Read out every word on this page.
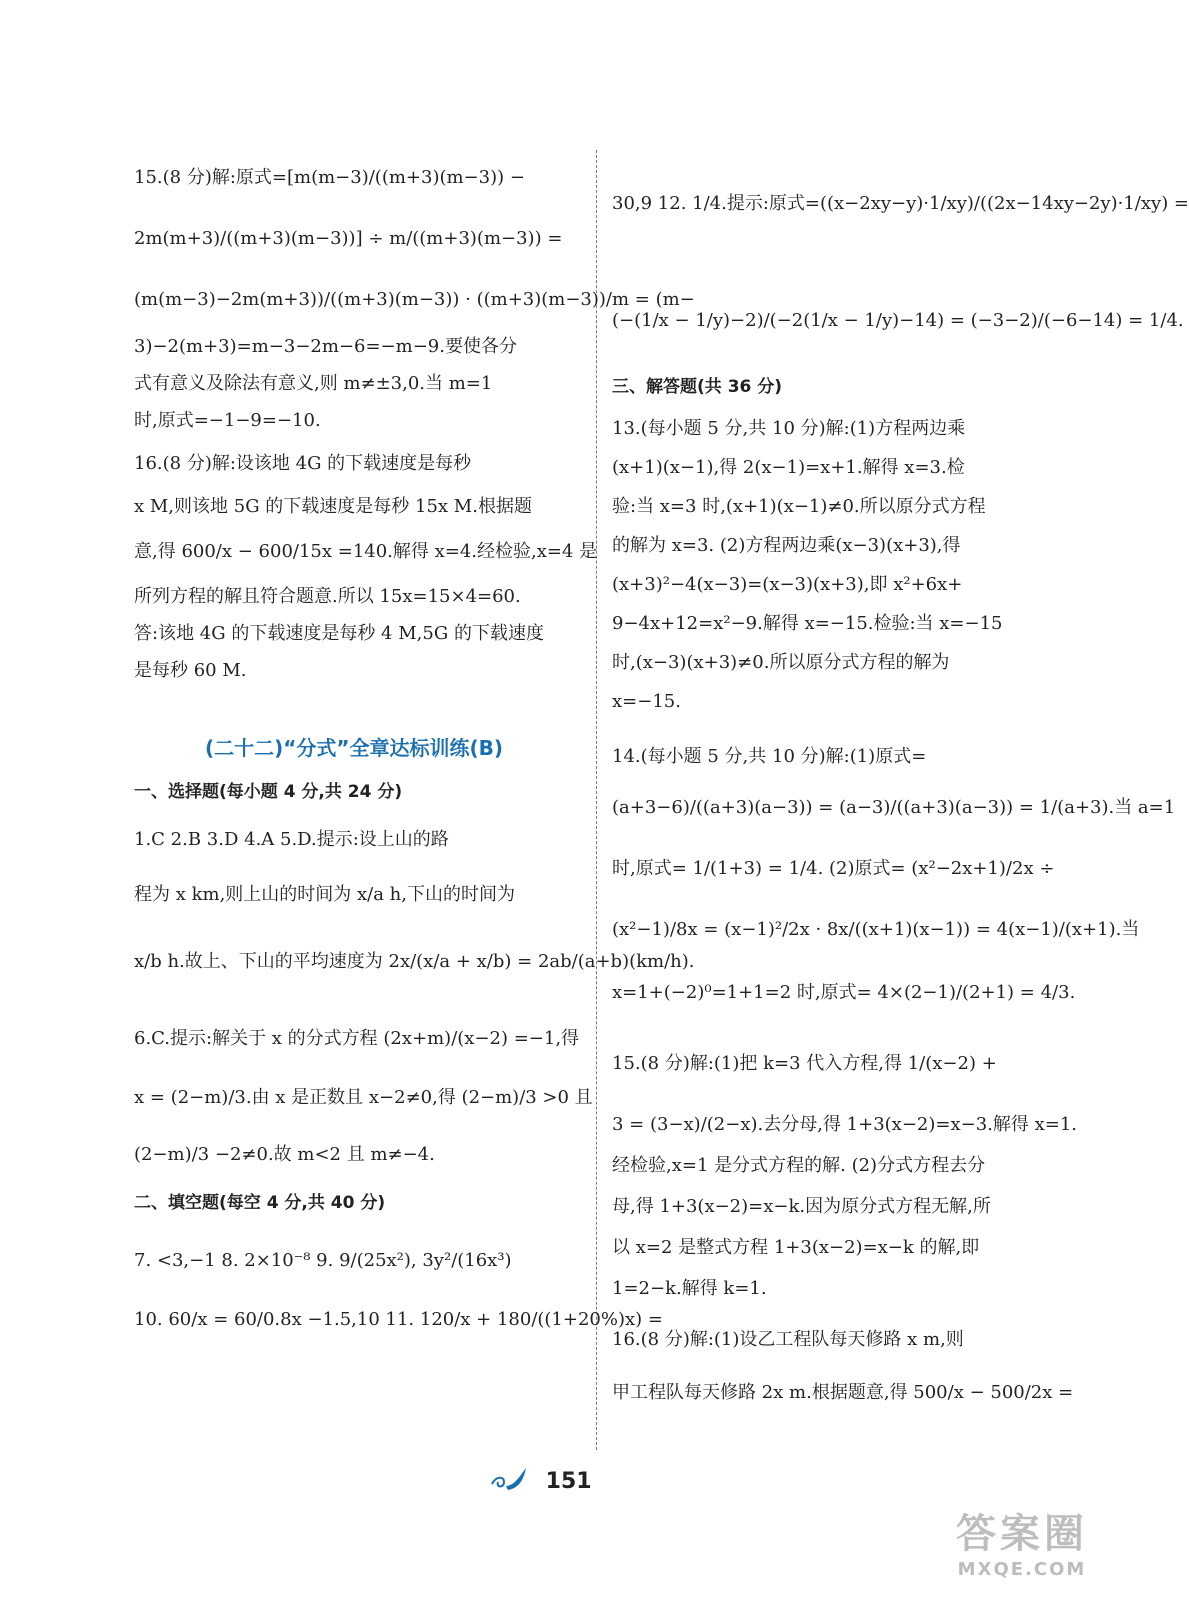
15.(8 分)解:原式=[m(m−3)/((m+3)(m−3)) −
2m(m+3)/((m+3)(m−3))] ÷ m/((m+3)(m−3)) =
(m(m−3)−2m(m+3))/((m+3)(m−3)) · ((m+3)(m−3))/m = (m−
3)−2(m+3)=m−3−2m−6=−m−9.要使各分
式有意义及除法有意义,则 m≠±3,0.当 m=1
时,原式=−1−9=−10.
16.(8 分)解:设该地 4G 的下载速度是每秒
x M,则该地 5G 的下载速度是每秒 15x M.根据题
意,得 600/x − 600/15x =140.解得 x=4.经检验,x=4 是
所列方程的解且符合题意.所以 15x=15×4=60.
答:该地 4G 的下载速度是每秒 4 M,5G 的下载速度
是每秒 60 M.
(二十二)“分式”全章达标训练(B)
一、选择题(每小题 4 分,共 24 分)
1.C 2.B 3.D 4.A 5.D.提示:设上山的路
程为 x km,则上山的时间为 x/a h,下山的时间为
x/b h.故上、下山的平均速度为 2x/(x/a + x/b) = 2ab/(a+b)(km/h).
6.C.提示:解关于 x 的分式方程 (2x+m)/(x−2) =−1,得
x = (2−m)/3.由 x 是正数且 x−2≠0,得 (2−m)/3 >0 且
(2−m)/3 −2≠0.故 m<2 且 m≠−4.
二、填空题(每空 4 分,共 40 分)
7. <3,−1 8. 2×10⁻⁸ 9. 9/(25x²), 3y²/(16x³)
10. 60/x = 60/0.8x −1.5,10 11. 120/x + 180/((1+20%)x) =
30,9 12. 1/4.提示:原式=((x−2xy−y)·1/xy)/((2x−14xy−2y)·1/xy) =
(−(1/x − 1/y)−2)/(−2(1/x − 1/y)−14) = (−3−2)/(−6−14) = 1/4.
三、解答题(共 36 分)
13.(每小题 5 分,共 10 分)解:(1)方程两边乘
(x+1)(x−1),得 2(x−1)=x+1.解得 x=3.检
验:当 x=3 时,(x+1)(x−1)≠0.所以原分式方程
的解为 x=3. (2)方程两边乘(x−3)(x+3),得
(x+3)²−4(x−3)=(x−3)(x+3),即 x²+6x+
9−4x+12=x²−9.解得 x=−15.检验:当 x=−15
时,(x−3)(x+3)≠0.所以原分式方程的解为
x=−15.
14.(每小题 5 分,共 10 分)解:(1)原式=
(a+3−6)/((a+3)(a−3)) = (a−3)/((a+3)(a−3)) = 1/(a+3).当 a=1
时,原式= 1/(1+3) = 1/4. (2)原式= (x²−2x+1)/2x ÷
(x²−1)/8x = (x−1)²/2x · 8x/((x+1)(x−1)) = 4(x−1)/(x+1).当
x=1+(−2)⁰=1+1=2 时,原式= 4×(2−1)/(2+1) = 4/3.
15.(8 分)解:(1)把 k=3 代入方程,得 1/(x−2) +
3 = (3−x)/(2−x).去分母,得 1+3(x−2)=x−3.解得 x=1.
经检验,x=1 是分式方程的解. (2)分式方程去分
母,得 1+3(x−2)=x−k.因为原分式方程无解,所
以 x=2 是整式方程 1+3(x−2)=x−k 的解,即
1=2−k.解得 k=1.
16.(8 分)解:(1)设乙工程队每天修路 x m,则
甲工程队每天修路 2x m.根据题意,得 500/x − 500/2x =
151
答案圈
MXQE.COM
